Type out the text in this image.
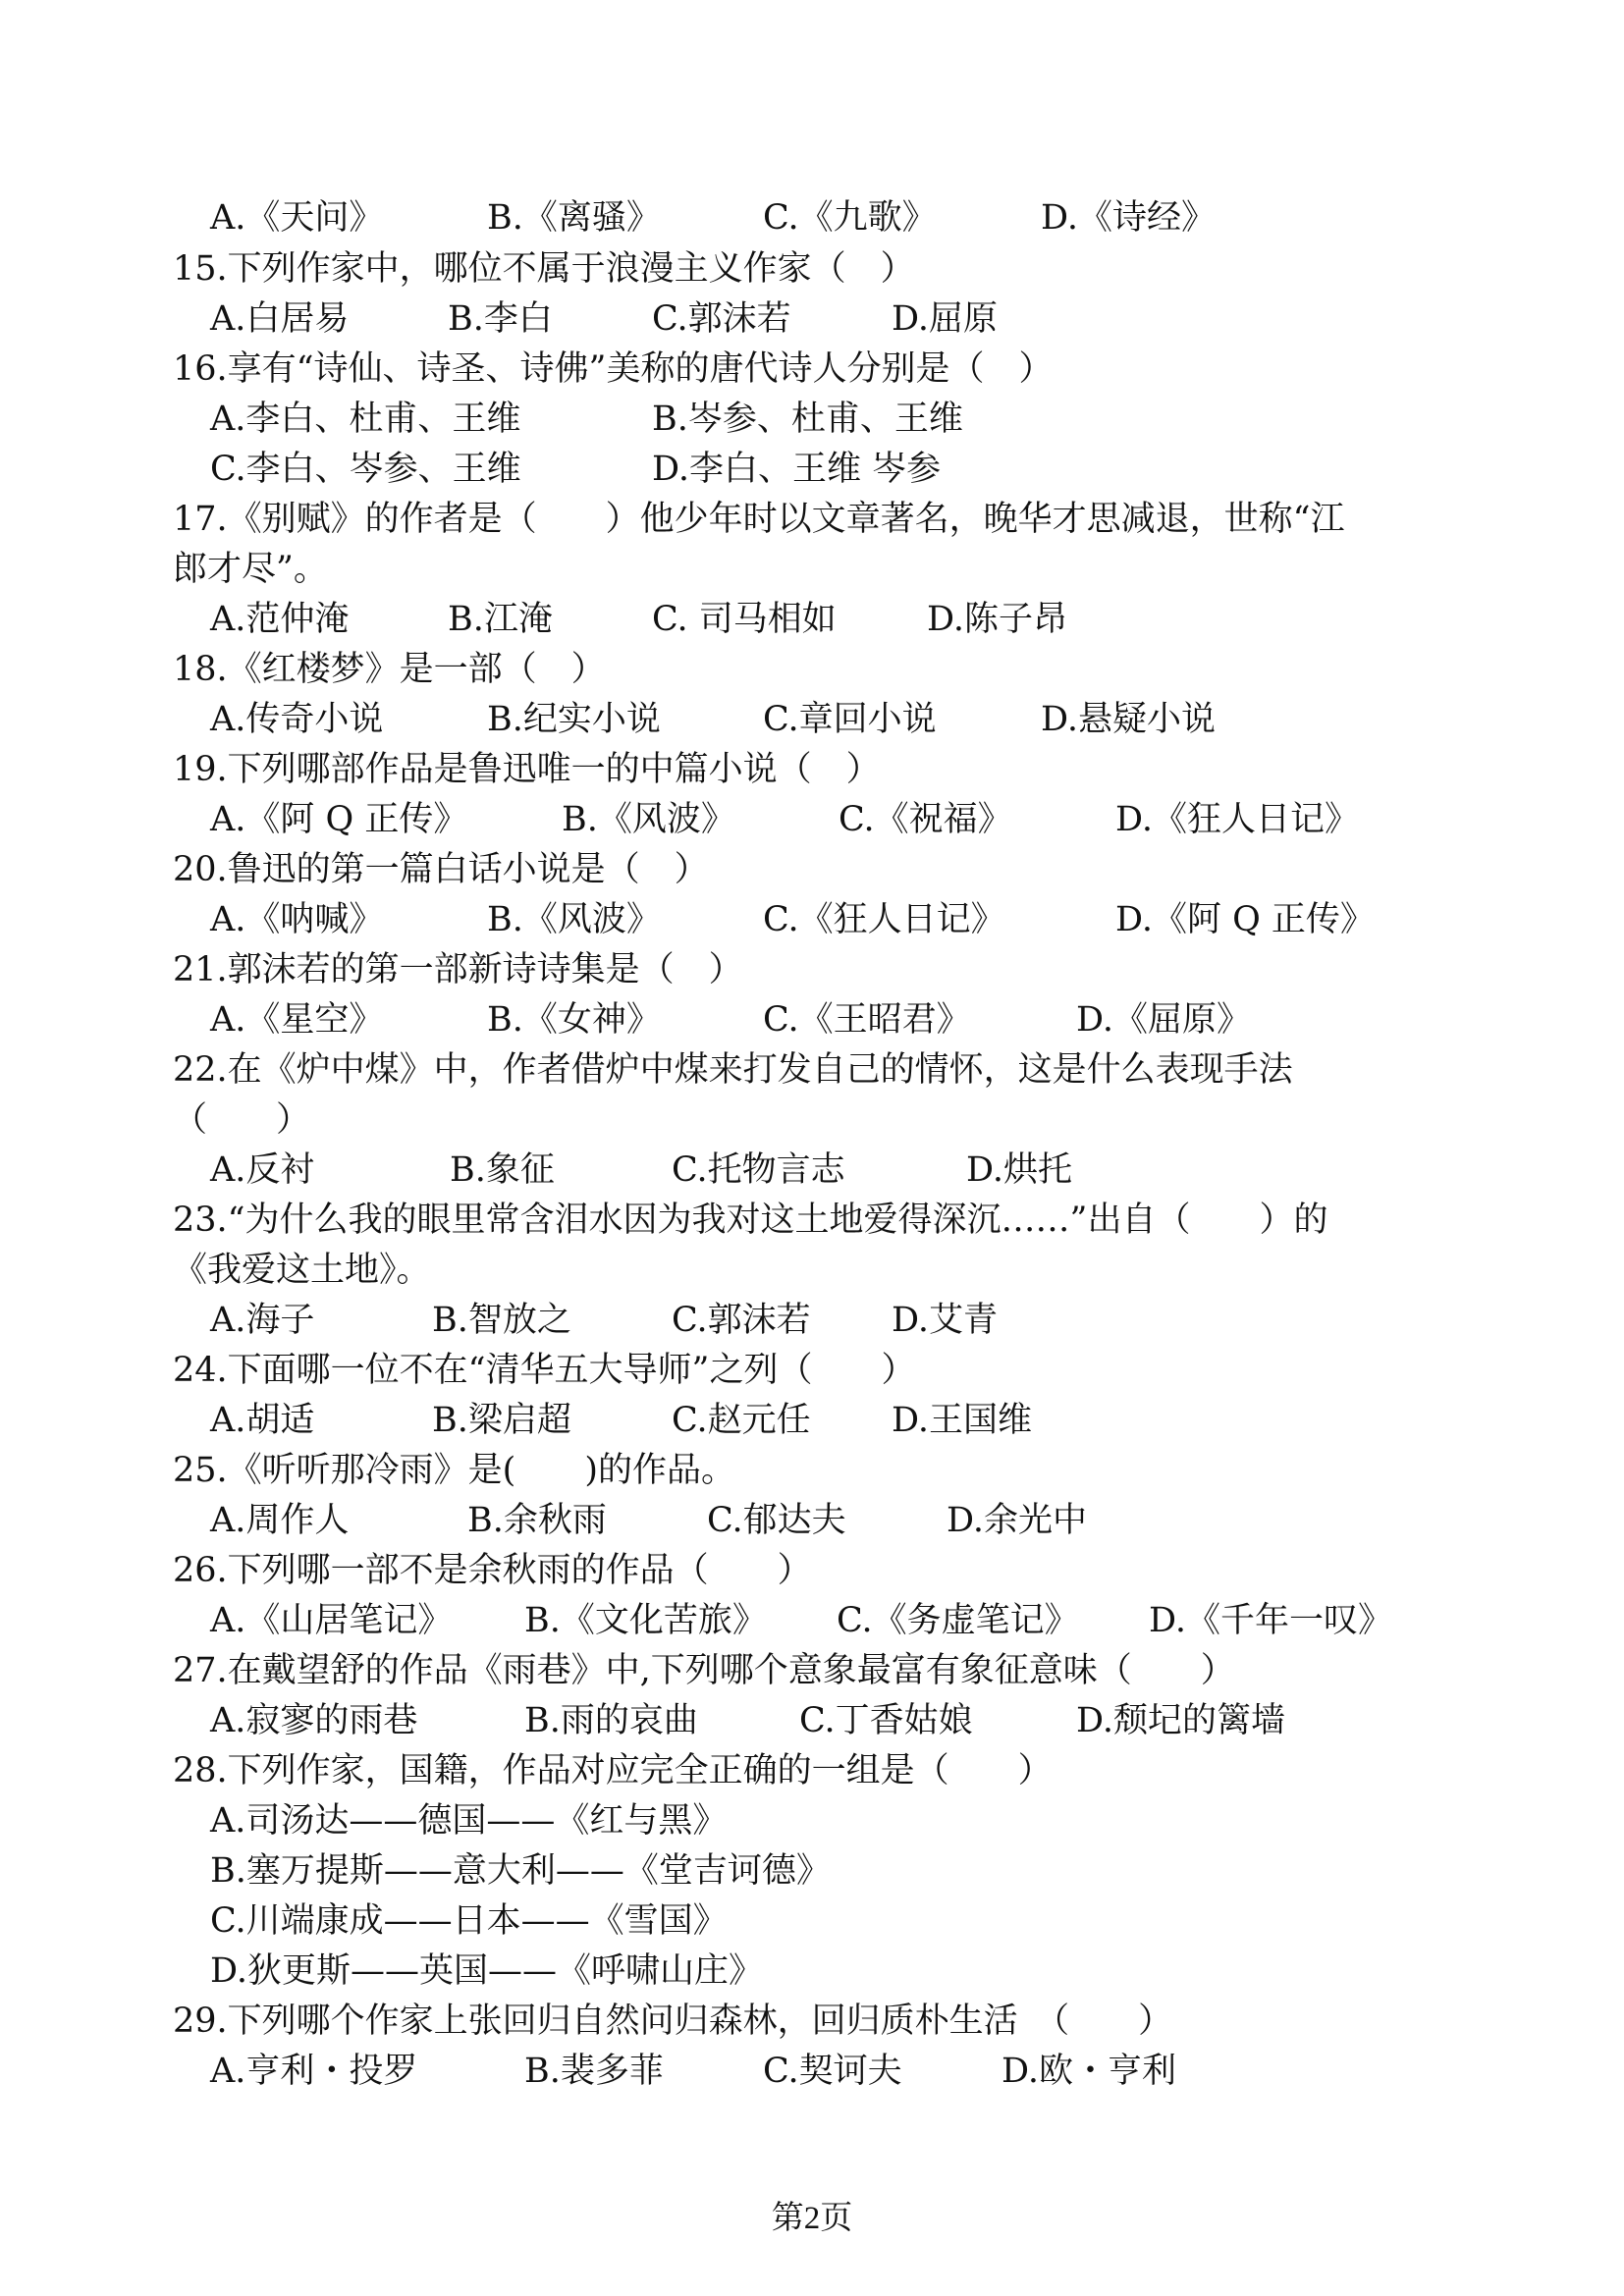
A.《天问》	B.《离骚》	C.《九歌》	D.《诗经》
15.下列作家中，哪位不属于浪漫主义作家（　）
A.白居易	B.李白	C.郭沫若	D.屈原
16.享有“诗仙、诗圣、诗佛”美称的唐代诗人分别是（　）
A.李白、杜甫、王维	B.岑参、杜甫、王维
C.李白、岑参、王维	D.李白、王维 岑参
17.《别赋》的作者是（　　）他少年时以文章著名，晚华才思减退，世称“江
郎才尽”。
A.范仲淹	B.江淹	C. 司马相如	D.陈子昂
18.《红楼梦》是一部（　）
A.传奇小说	B.纪实小说	C.章回小说	D.悬疑小说
19.下列哪部作品是鲁迅唯一的中篇小说（　）
A.《阿 Q 正传》	B.《风波》	C.《祝福》	D.《狂人日记》
20.鲁迅的第一篇白话小说是（　）
A.《呐喊》	B.《风波》	C.《狂人日记》	D.《阿 Q 正传》
21.郭沫若的第一部新诗诗集是（　）
A.《星空》	B.《女神》	C.《王昭君》	D.《屈原》
22.在《炉中煤》中，作者借炉中煤来打发自己的情怀，这是什么表现手法
（　　）
A.反衬	B.象征	C.托物言志	D.烘托
23.“为什么我的眼里常含泪水因为我对这土地爱得深沉……”出自（　　）的
《我爱这土地》。
A.海子	B.智放之	C.郭沫若 D.艾青
24.下面哪一位不在“清华五大导师”之列（　　）
A.胡适	B.梁启超	C.赵元任 D.王国维
25.《听听那冷雨》是(　　)的作品。
A.周作人	B.余秋雨	C.郁达夫	D.余光中
26.下列哪一部不是余秋雨的作品（　　）
A.《山居笔记》 B.《文化苦旅》 C.《务虚笔记》 D.《千年一叹》
27.在戴望舒的作品《雨巷》中,下列哪个意象最富有象征意味（　　）
A.寂寥的雨巷	B.雨的哀曲	C.丁香姑娘	D.颓圮的篱墙
28.下列作家，国籍，作品对应完全正确的一组是（　　）
A.司汤达——德国——《红与黑》
B.塞万提斯——意大利——《堂吉诃德》
C.川端康成——日本——《雪国》
D.狄更斯——英国——《呼啸山庄》
29.下列哪个作家上张回归自然问归森林，回归质朴生活　（　　）
A.亨利・投罗	B.裴多菲	C.契诃夫	D.欧・亨利
第2页
